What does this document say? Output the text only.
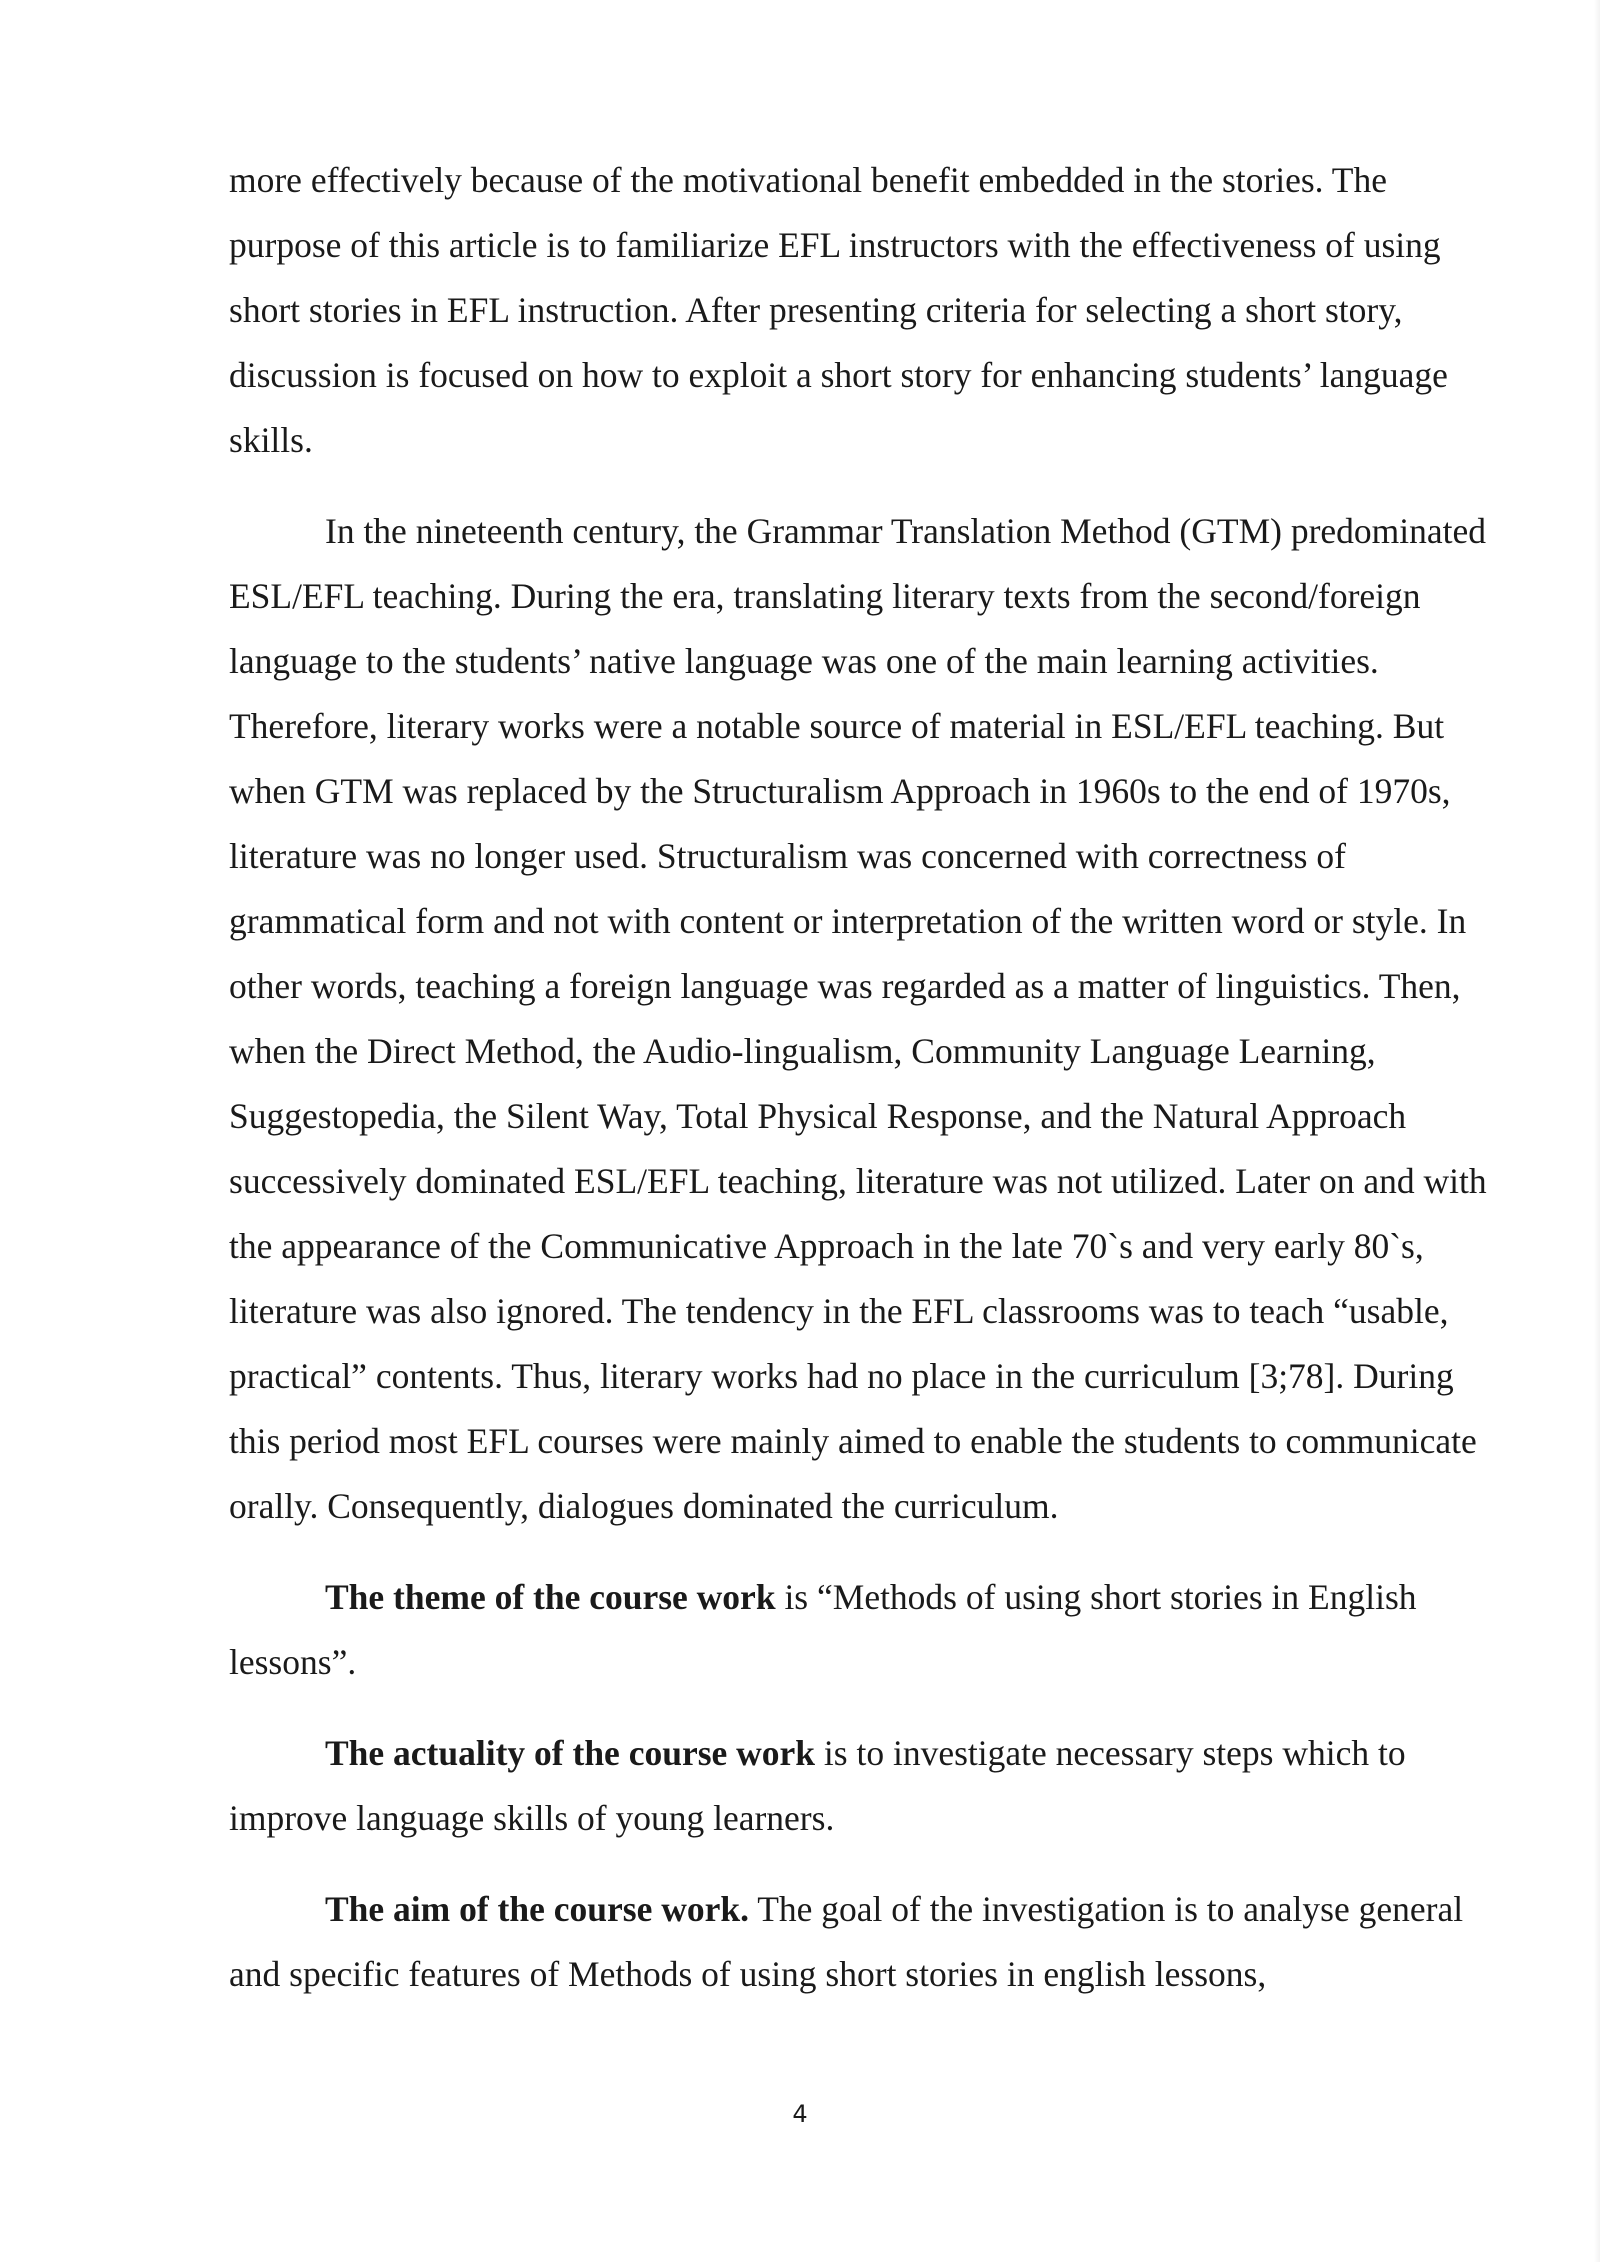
more effectively because of the motivational benefit embedded in the stories. The purpose of this article is to familiarize EFL instructors with the effectiveness of using short stories in EFL instruction. After presenting criteria for selecting a short story, discussion is focused on how to exploit a short story for enhancing students’ language skills.

In the nineteenth century, the Grammar Translation Method (GTM) predominated ESL/EFL teaching. During the era, translating literary texts from the second/foreign language to the students’ native language was one of the main learning activities. Therefore, literary works were a notable source of material in ESL/EFL teaching. But when GTM was replaced by the Structuralism Approach in 1960s to the end of 1970s, literature was no longer used. Structuralism was concerned with correctness of grammatical form and not with content or interpretation of the written word or style. In other words, teaching a foreign language was regarded as a matter of linguistics. Then, when the Direct Method, the Audio-lingualism, Community Language Learning, Suggestopedia, the Silent Way, Total Physical Response, and the Natural Approach successively dominated ESL/EFL teaching, literature was not utilized. Later on and with the appearance of the Communicative Approach in the late 70`s and very early 80`s, literature was also ignored. The tendency in the EFL classrooms was to teach “usable, practical” contents. Thus, literary works had no place in the curriculum [3;78]. During this period most EFL courses were mainly aimed to enable the students to communicate orally. Consequently, dialogues dominated the curriculum.

The theme of the course work is “Methods of using short stories in English lessons”.

The actuality of the course work is to investigate necessary steps which to improve language skills of young learners.

The aim of the course work. The goal of the investigation is to analyse general and specific features of Methods of using short stories in english lessons,

4
